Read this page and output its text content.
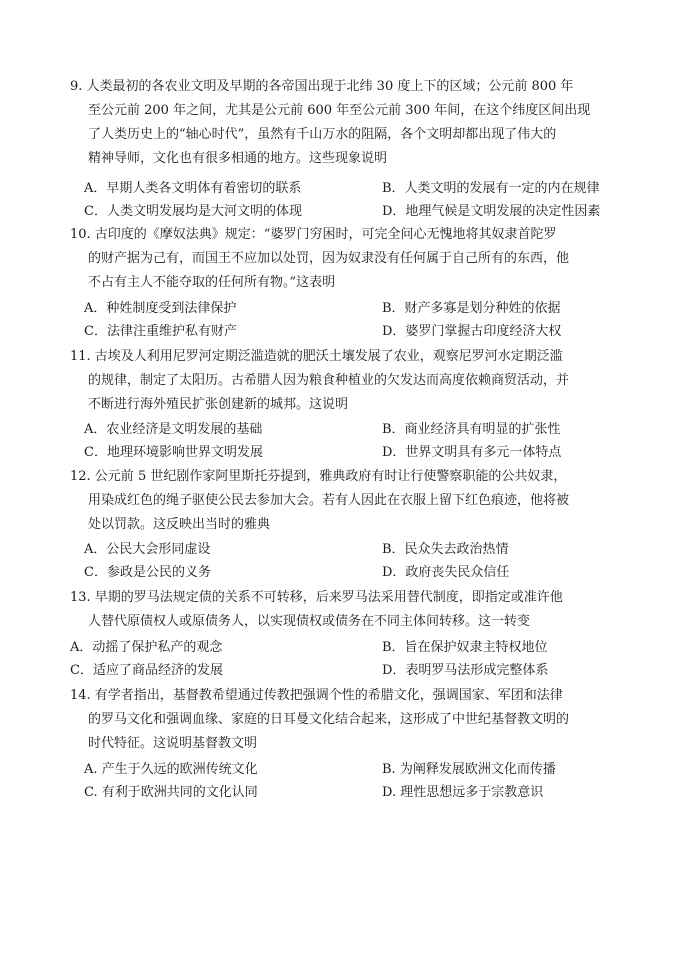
9. 人类最初的各农业文明及早期的各帝国出现于北纬 30 度上下的区域；公元前 800 年
至公元前 200 年之间，尤其是公元前 600 年至公元前 300 年间，在这个纬度区间出现
了人类历史上的“轴心时代”，虽然有千山万水的阻隔，各个文明却都出现了伟大的
精神导师，文化也有很多相通的地方。这些现象说明
A．早期人类各文明体有着密切的联系	B．人类文明的发展有一定的内在规律
C．人类文明发展均是大河文明的体现	D．地理气候是文明发展的决定性因素
10. 古印度的《摩奴法典》规定：“婆罗门穷困时，可完全问心无愧地将其奴隶首陀罗
的财产据为己有，而国王不应加以处罚，因为奴隶没有任何属于自己所有的东西，他
不占有主人不能夺取的任何所有物。”这表明
A．种姓制度受到法律保护	B．财产多寡是划分种姓的依据
C．法律注重维护私有财产	D．婆罗门掌握古印度经济大权
11. 古埃及人利用尼罗河定期泛滥造就的肥沃土壤发展了农业，观察尼罗河水定期泛滥
的规律，制定了太阳历。古希腊人因为粮食种植业的欠发达而高度依赖商贸活动，并
不断进行海外殖民扩张创建新的城邦。这说明
A．农业经济是文明发展的基础	B．商业经济具有明显的扩张性
C．地理环境影响世界文明发展	D．世界文明具有多元一体特点
12. 公元前 5 世纪剧作家阿里斯托芬提到，雅典政府有时让行使警察职能的公共奴隶，
用染成红色的绳子驱使公民去参加大会。若有人因此在衣服上留下红色痕迹，他将被
处以罚款。这反映出当时的雅典
A．公民大会形同虚设	B．民众失去政治热情
C．参政是公民的义务	D．政府丧失民众信任
13. 早期的罗马法规定债的关系不可转移，后来罗马法采用替代制度，即指定或准许他
人替代原债权人或原债务人，以实现债权或债务在不同主体间转移。这一转变
A．动摇了保护私产的观念	B．旨在保护奴隶主特权地位
C．适应了商品经济的发展	D．表明罗马法形成完整体系
14. 有学者指出，基督教希望通过传教把强调个性的希腊文化，强调国家、军团和法律
的罗马文化和强调血缘、家庭的日耳曼文化结合起来，这形成了中世纪基督教文明的
时代特征。这说明基督教文明
A. 产生于久远的欧洲传统文化	B. 为阐释发展欧洲文化而传播
C. 有利于欧洲共同的文化认同	D. 理性思想远多于宗教意识
